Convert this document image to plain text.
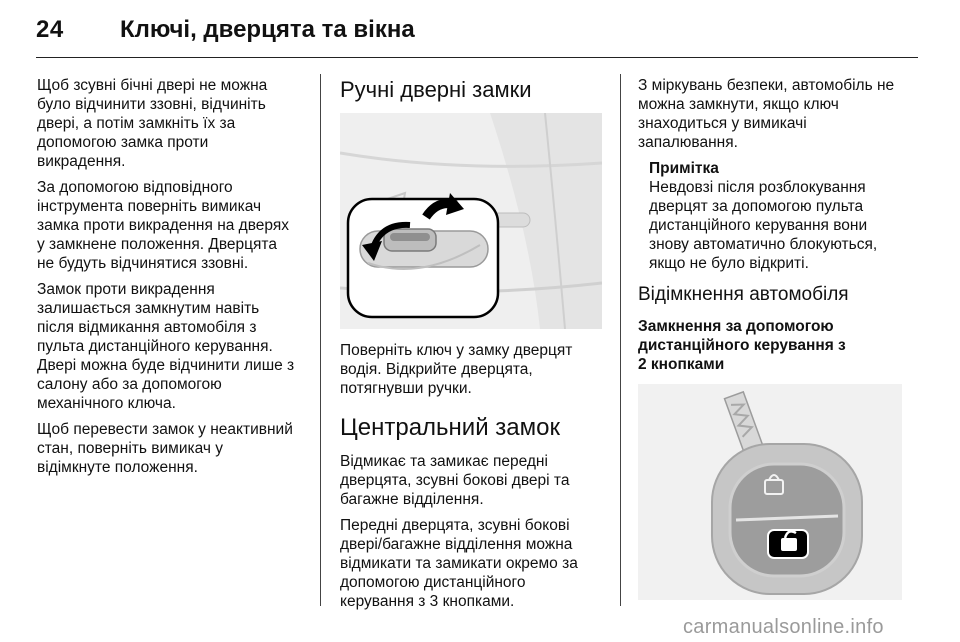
24 Ключі, дверцята та вікна

Щоб зсувні бічні двері не можна
було відчинити ззовні, відчиніть
двері, а потім замкніть їх за
допомогою замка проти
викрадення.

За допомогою відповідного
інструмента поверніть вимикач
замка проти викрадення на дверях
у замкнене положення. Дверцята
не будуть відчинятися ззовні.

Замок проти викрадення
залишається замкнутим навіть
після відмикання автомобіля з
пульта дистанційного керування.
Двері можна буде відчинити лише з
салону або за допомогою
механічного ключа.

Щоб перевести замок у неактивний
стан, поверніть вимикач у
відімкнуте положення.

Ручні дверні замки

Поверніть ключ у замку дверцят
водія. Відкрийте дверцята,
потягнувши ручки.

Центральний замок

Відмикає та замикає передні
дверцята, зсувні бокові двері та
багажне відділення.

Передні дверцята, зсувні бокові
двері/багажне відділення можна
відмикати та замикати окремо за
допомогою дистанційного
керування з 3 кнопками.

З міркувань безпеки, автомобіль не
можна замкнути, якщо ключ
знаходиться у вимикачі
запалювання.

Примітка

Невдовзі після розблокування
дверцят за допомогою пульта
дистанційного керування вони
знову автоматично блокуються,
якщо не було відкриті.

Відімкнення автомобіля
Замкнення за допомогою
дистанційного керування з
2 кнопками
carmanualsonline.info
